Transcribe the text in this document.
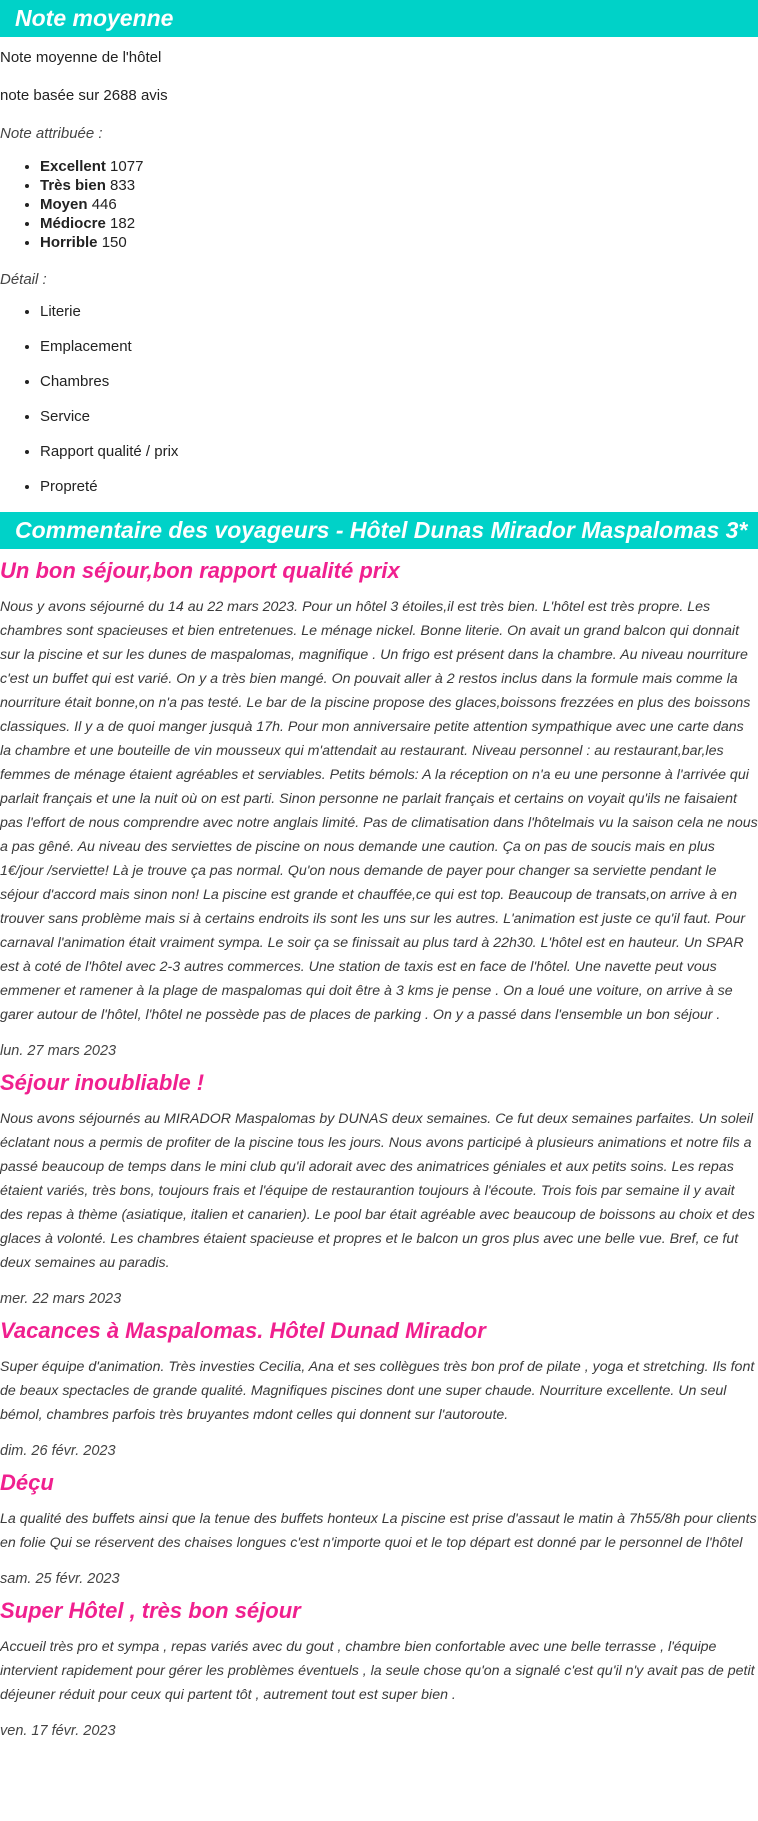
Note moyenne

Note moyenne de l'hôtel

note basée sur 2688 avis

Note attribuée :

• Excellent 1077
• Très bien 833
• Moyen 446
• Médiocre 182
• Horrible 150

Détail :

• Literie
• Emplacement
• Chambres
• Service
• Rapport qualité / prix
• Propreté
Commentaire des voyageurs - Hôtel Dunas Mirador Maspalomas 3*
Un bon séjour,bon rapport qualité prix

Nous y avons séjourné du 14 au 22 mars 2023. Pour un hôtel 3 étoiles,il est très bien. L'hôtel est très propre. Les chambres sont spacieuses et bien entretenues. Le ménage nickel. Bonne literie. On avait un grand balcon qui donnait sur la piscine et sur les dunes de maspalomas, magnifique . Un frigo est présent dans la chambre. Au niveau nourriture c'est un buffet qui est varié. On y a très bien mangé. On pouvait aller à 2 restos inclus dans la formule mais comme la nourriture était bonne,on n'a pas testé. Le bar de la piscine propose des glaces,boissons frezzées en plus des boissons classiques. Il y a de quoi manger jusquà 17h. Pour mon anniversaire petite attention sympathique avec une carte dans la chambre et une bouteille de vin mousseux qui m'attendait au restaurant. Niveau personnel : au restaurant,bar,les femmes de ménage étaient agréables et serviables. Petits bémols: A la réception on n'a eu une personne à l'arrivée qui parlait français et une la nuit où on est parti. Sinon personne ne parlait français et certains on voyait qu'ils ne faisaient pas l'effort de nous comprendre avec notre anglais limité. Pas de climatisation dans l'hôtelmais vu la saison cela ne nous a pas gêné. Au niveau des serviettes de piscine on nous demande une caution. Ça on pas de soucis mais en plus 1€/jour /serviette! Là je trouve ça pas normal. Qu'on nous demande de payer pour changer sa serviette pendant le séjour d'accord mais sinon non! La piscine est grande et chauffée,ce qui est top. Beaucoup de transats,on arrive à en trouver sans problème mais si à certains endroits ils sont les uns sur les autres. L'animation est juste ce qu'il faut. Pour carnaval l'animation était vraiment sympa. Le soir ça se finissait au plus tard à 22h30. L'hôtel est en hauteur. Un SPAR est à coté de l'hôtel avec 2-3 autres commerces. Une station de taxis est en face de l'hôtel. Une navette peut vous emmener et ramener à la plage de maspalomas qui doit être à 3 kms je pense . On a loué une voiture, on arrive à se garer autour de l'hôtel, l'hôtel ne possède pas de places de parking . On y a passé dans l'ensemble un bon séjour .

lun. 27 mars 2023

Séjour inoubliable !

Nous avons séjournés au MIRADOR Maspalomas by DUNAS deux semaines. Ce fut deux semaines parfaites. Un soleil éclatant nous a permis de profiter de la piscine tous les jours. Nous avons participé à plusieurs animations et notre fils a passé beaucoup de temps dans le mini club qu'il adorait avec des animatrices géniales et aux petits soins. Les repas étaient variés, très bons, toujours frais et l'équipe de restaurantion toujours à l'écoute. Trois fois par semaine il y avait des repas à thème (asiatique, italien et canarien). Le pool bar était agréable avec beaucoup de boissons au choix et des glaces à volonté. Les chambres étaient spacieuse et propres et le balcon un gros plus avec une belle vue. Bref, ce fut deux semaines au paradis.

mer. 22 mars 2023

Vacances à Maspalomas. Hôtel Dunad Mirador

Super équipe d'animation. Très investies Cecilia, Ana et ses collègues très bon prof de pilate , yoga et stretching. Ils font de beaux spectacles de grande qualité. Magnifiques piscines dont une super chaude. Nourriture excellente. Un seul bémol, chambres parfois très bruyantes mdont celles qui donnent sur l'autoroute.

dim. 26 févr. 2023

Déçu

La qualité des buffets ainsi que la tenue des buffets honteux La piscine est prise d'assaut le matin à 7h55/8h pour clients en folie Qui se réservent des chaises longues c'est n'importe quoi et le top départ est donné par le personnel de l'hôtel

sam. 25 févr. 2023

Super Hôtel , très bon séjour

Accueil très pro et sympa , repas variés avec du gout , chambre bien confortable avec une belle terrasse , l'équipe intervient rapidement pour gérer les problèmes éventuels , la seule chose qu'on a signalé c'est qu'il n'y avait pas de petit déjeuner réduit pour ceux qui partent tôt , autrement tout est super bien .

ven. 17 févr. 2023
